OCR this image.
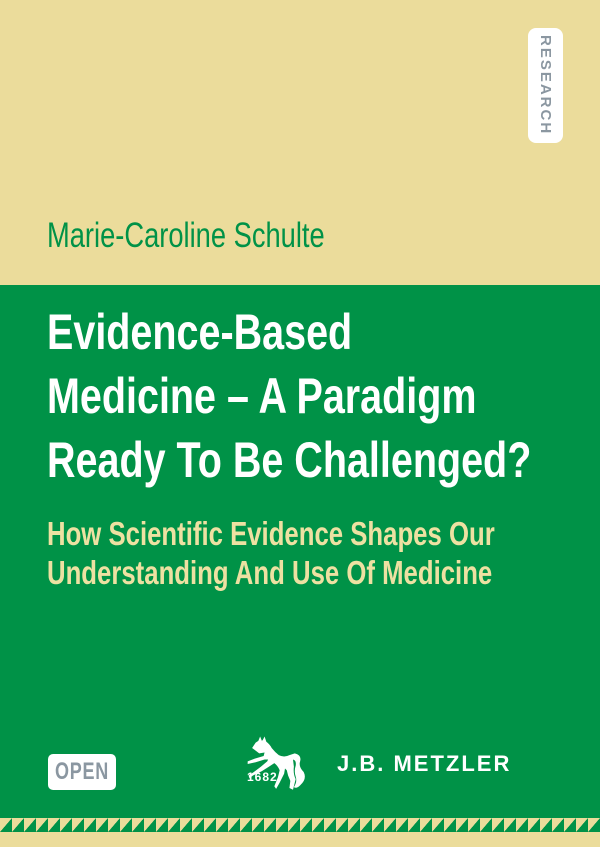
RESEARCH
Marie-Caroline Schulte
Evidence-Based
Medicine – A Paradigm
Ready To Be Challenged?
How Scientific Evidence Shapes Our
Understanding And Use Of Medicine
OPEN	1682
J.B. METZLER
